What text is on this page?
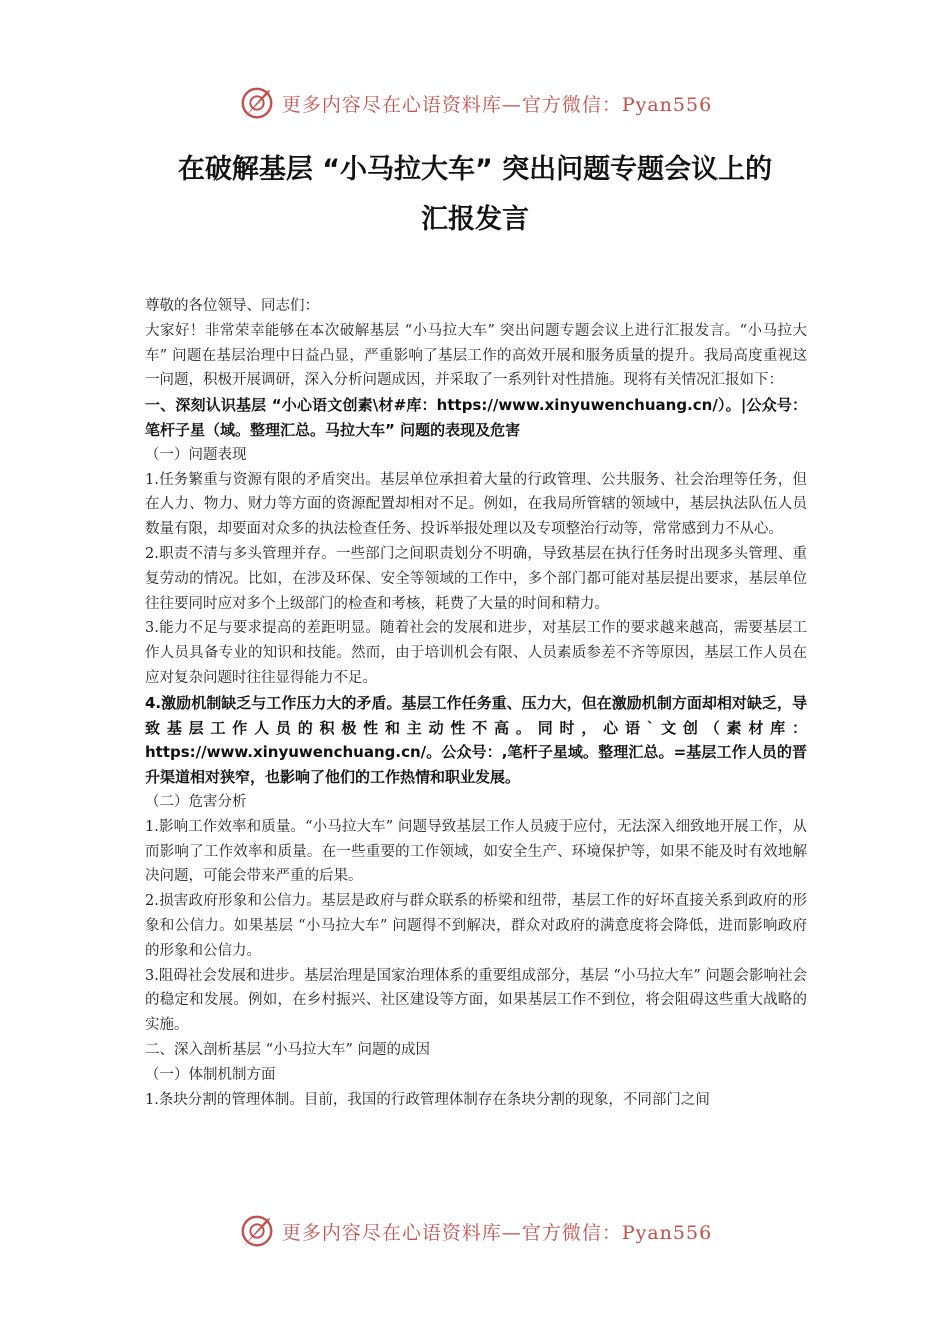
更多内容尽在心语资料库—官方微信：Pyan556
在破解基层 “小马拉大车” 突出问题专题会议上的
汇报发言

尊敬的各位领导、同志们：

大家好！非常荣幸能够在本次破解基层 “小马拉大车” 突出问题专题会议上进行汇报发言。“小马拉大车” 问题在基层治理中日益凸显，严重影响了基层工作的高效开展和服务质量的提升。我局高度重视这一问题，积极开展调研，深入分析问题成因，并采取了一系列针对性措施。现将有关情况汇报如下：

一、深刻认识基层 “小心语文创素\材#库：https://www.xinyuwenchuang.cn/）。|公众号：笔杆子星（域。整理汇总。马拉大车” 问题的表现及危害

（一）问题表现

1.任务繁重与资源有限的矛盾突出。基层单位承担着大量的行政管理、公共服务、社会治理等任务，但在人力、物力、财力等方面的资源配置却相对不足。例如，在我局所管辖的领域中，基层执法队伍人员数量有限，却要面对众多的执法检查任务、投诉举报处理以及专项整治行动等，常常感到力不从心。

2.职责不清与多头管理并存。一些部门之间职责划分不明确，导致基层在执行任务时出现多头管理、重复劳动的情况。比如，在涉及环保、安全等领域的工作中，多个部门都可能对基层提出要求，基层单位往往要同时应对多个上级部门的检查和考核，耗费了大量的时间和精力。

3.能力不足与要求提高的差距明显。随着社会的发展和进步，对基层工作的要求越来越高，需要基层工作人员具备专业的知识和技能。然而，由于培训机会有限、人员素质参差不齐等原因，基层工作人员在应对复杂问题时往往显得能力不足。

4.激励机制缺乏与工作压力大的矛盾。基层工作任务重、压力大，但在激励机制方面却相对缺乏，导致基层工作人员的积极性和主动性不高。同时，心语`文创（素材库：https://www.xinyuwenchuang.cn/。公众号：,笔杆子星域。整理汇总。=基层工作人员的晋升渠道相对狭窄，也影响了他们的工作热情和职业发展。

（二）危害分析

1.影响工作效率和质量。“小马拉大车” 问题导致基层工作人员疲于应付，无法深入细致地开展工作，从而影响了工作效率和质量。在一些重要的工作领域，如安全生产、环境保护等，如果不能及时有效地解决问题，可能会带来严重的后果。

2.损害政府形象和公信力。基层是政府与群众联系的桥梁和纽带，基层工作的好坏直接关系到政府的形象和公信力。如果基层 “小马拉大车” 问题得不到解决，群众对政府的满意度将会降低，进而影响政府的形象和公信力。

3.阻碍社会发展和进步。基层治理是国家治理体系的重要组成部分，基层 “小马拉大车” 问题会影响社会的稳定和发展。例如，在乡村振兴、社区建设等方面，如果基层工作不到位，将会阻碍这些重大战略的实施。

二、深入剖析基层 “小马拉大车” 问题的成因

（一）体制机制方面

1.条块分割的管理体制。目前，我国的行政管理体制存在条块分割的现象，不同部门之间

更多内容尽在心语资料库—官方微信：Pyan556
